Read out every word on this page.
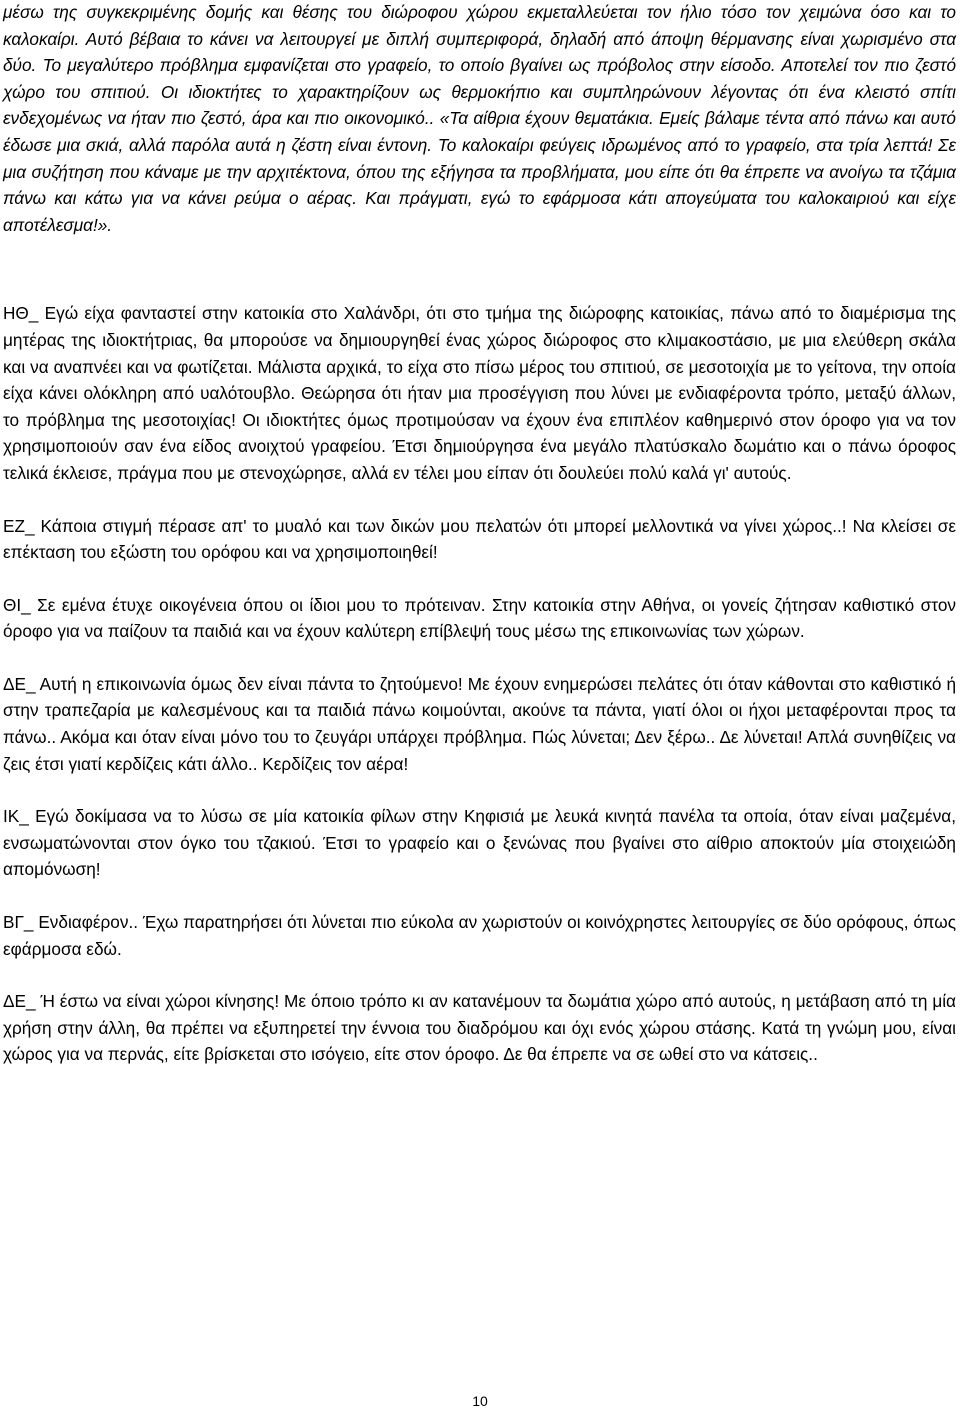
μέσω της συγκεκριμένης δομής και θέσης του διώροφου χώρου εκμεταλλεύεται τον ήλιο τόσο τον χειμώνα όσο και το καλοκαίρι. Αυτό βέβαια το κάνει να λειτουργεί με διπλή συμπεριφορά, δηλαδή από άποψη θέρμανσης είναι χωρισμένο στα δύο. Το μεγαλύτερο πρόβλημα εμφανίζεται στο γραφείο, το οποίο βγαίνει ως πρόβολος στην είσοδο. Αποτελεί τον πιο ζεστό χώρο του σπιτιού. Οι ιδιοκτήτες το χαρακτηρίζουν ως θερμοκήπιο και συμπληρώνουν λέγοντας ότι ένα κλειστό σπίτι ενδεχομένως να ήταν πιο ζεστό, άρα και πιο οικονομικό.. «Τα αίθρια έχουν θεματάκια. Εμείς βάλαμε τέντα από πάνω και αυτό έδωσε μια σκιά, αλλά παρόλα αυτά η ζέστη είναι έντονη. Το καλοκαίρι φεύγεις ιδρωμένος από το γραφείο, στα τρία λεπτά! Σε μια συζήτηση που κάναμε με την αρχιτέκτονα, όπου της εξήγησα τα προβλήματα, μου είπε ότι θα έπρεπε να ανοίγω τα τζάμια πάνω και κάτω για να κάνει ρεύμα ο αέρας. Και πράγματι, εγώ το εφάρμοσα κάτι απογεύματα του καλοκαιριού και είχε αποτέλεσμα!».

ΗΘ_ Εγώ είχα φανταστεί στην κατοικία στο Χαλάνδρι, ότι στο τμήμα της διώροφης κατοικίας, πάνω από το διαμέρισμα της μητέρας της ιδιοκτήτριας, θα μπορούσε να δημιουργηθεί ένας χώρος διώροφος στο κλιμακοστάσιο, με μια ελεύθερη σκάλα και να αναπνέει και να φωτίζεται. Μάλιστα αρχικά, το είχα στο πίσω μέρος του σπιτιού, σε μεσοτοιχία με το γείτονα, την οποία είχα κάνει ολόκληρη από υαλότουβλο. Θεώρησα ότι ήταν μια προσέγγιση που λύνει με ενδιαφέροντα τρόπο, μεταξύ άλλων, το πρόβλημα της μεσοτοιχίας! Οι ιδιοκτήτες όμως προτιμούσαν να έχουν ένα επιπλέον καθημερινό στον όροφο για να τον χρησιμοποιούν σαν ένα είδος ανοιχτού γραφείου. Έτσι δημιούργησα ένα μεγάλο πλατύσκαλο δωμάτιο και ο πάνω όροφος τελικά έκλεισε, πράγμα που με στενοχώρησε, αλλά εν τέλει μου είπαν ότι δουλεύει πολύ καλά γι' αυτούς.

ΕΖ_ Κάποια στιγμή πέρασε απ' το μυαλό και των δικών μου πελατών ότι μπορεί μελλοντικά να γίνει χώρος..! Να κλείσει σε επέκταση του εξώστη του ορόφου και να χρησιμοποιηθεί!

ΘΙ_ Σε εμένα έτυχε οικογένεια όπου οι ίδιοι μου το πρότειναν. Στην κατοικία στην Αθήνα, οι γονείς ζήτησαν καθιστικό στον όροφο για να παίζουν τα παιδιά και να έχουν καλύτερη επίβλεψή τους μέσω της επικοινωνίας των χώρων.

ΔΕ_ Αυτή η επικοινωνία όμως δεν είναι πάντα το ζητούμενο! Με έχουν ενημερώσει πελάτες ότι όταν κάθονται στο καθιστικό ή στην τραπεζαρία με καλεσμένους και τα παιδιά πάνω κοιμούνται, ακούνε τα πάντα, γιατί όλοι οι ήχοι μεταφέρονται προς τα πάνω.. Ακόμα και όταν είναι μόνο του το ζευγάρι υπάρχει πρόβλημα. Πώς λύνεται; Δεν ξέρω.. Δε λύνεται! Απλά συνηθίζεις να ζεις έτσι γιατί κερδίζεις κάτι άλλο.. Κερδίζεις τον αέρα!

ΙΚ_ Εγώ δοκίμασα να το λύσω σε μία κατοικία φίλων στην Κηφισιά με λευκά κινητά πανέλα τα οποία, όταν είναι μαζεμένα, ενσωματώνονται στον όγκο του τζακιού. Έτσι το γραφείο και ο ξενώνας που βγαίνει στο αίθριο αποκτούν μία στοιχειώδη απομόνωση!

ΒΓ_ Ενδιαφέρον.. Έχω παρατηρήσει ότι λύνεται πιο εύκολα αν χωριστούν οι κοινόχρηστες λειτουργίες σε δύο ορόφους, όπως εφάρμοσα εδώ.

ΔΕ_ Ή έστω να είναι χώροι κίνησης! Με όποιο τρόπο κι αν κατανέμουν τα δωμάτια χώρο από αυτούς, η μετάβαση από τη μία χρήση στην άλλη, θα πρέπει να εξυπηρετεί την έννοια του διαδρόμου και όχι ενός χώρου στάσης. Κατά τη γνώμη μου, είναι χώρος για να περνάς, είτε βρίσκεται στο ισόγειο, είτε στον όροφο. Δε θα έπρεπε να σε ωθεί στο να κάτσεις..

10
